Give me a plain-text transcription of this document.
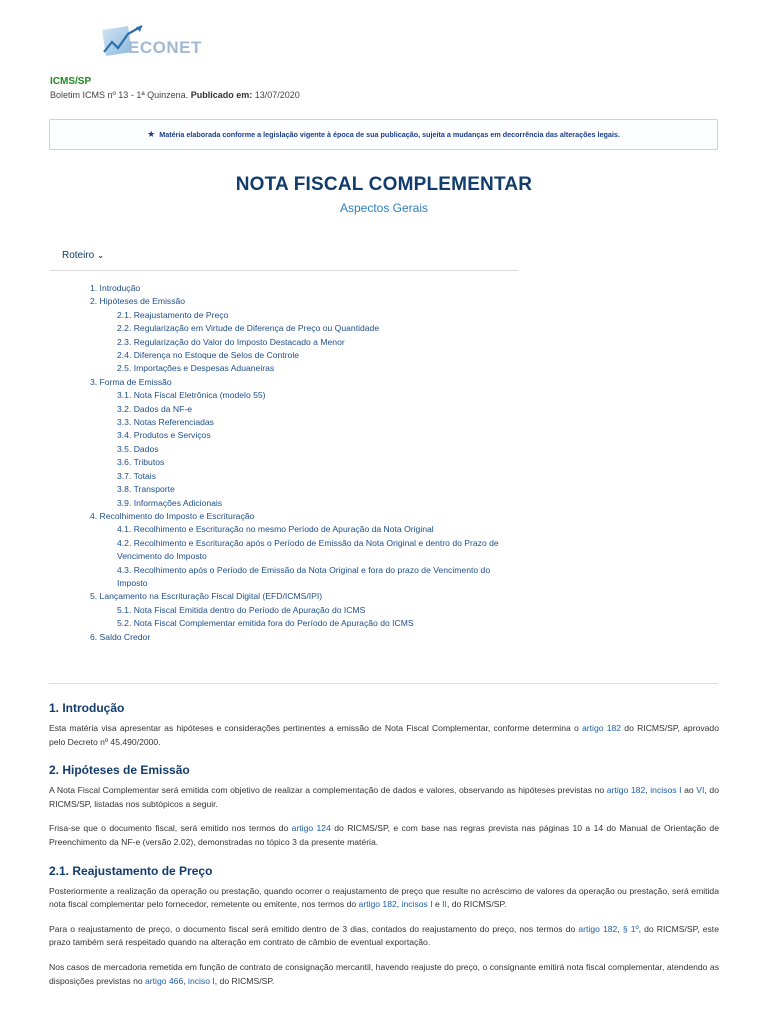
ECONET
ICMS/SP
Boletim ICMS nº 13 - 1ª Quinzena. Publicado em: 13/07/2020
★ Matéria elaborada conforme a legislação vigente à época de sua publicação, sujeita a mudanças em decorrência das alterações legais.
NOTA FISCAL COMPLEMENTAR
Aspectos Gerais
Roteiro ⌄
1. Introdução
2. Hipóteses de Emissão
2.1. Reajustamento de Preço
2.2. Regularização em Virtude de Diferença de Preço ou Quantidade
2.3. Regularização do Valor do Imposto Destacado a Menor
2.4. Diferença no Estoque de Selos de Controle
2.5. Importações e Despesas Aduaneiras
3. Forma de Emissão
3.1. Nota Fiscal Eletrônica (modelo 55)
3.2. Dados da NF-e
3.3. Notas Referenciadas
3.4. Produtos e Serviços
3.5. Dados
3.6. Tributos
3.7. Totais
3.8. Transporte
3.9. Informações Adicionais
4. Recolhimento do Imposto e Escrituração
4.1. Recolhimento e Escrituração no mesmo Período de Apuração da Nota Original
4.2. Recolhimento e Escrituração após o Período de Emissão da Nota Original e dentro do Prazo de Vencimento do Imposto
4.3. Recolhimento após o Período de Emissão da Nota Original e fora do prazo de Vencimento do Imposto
5. Lançamento na Escrituração Fiscal Digital (EFD/ICMS/IPI)
5.1. Nota Fiscal Emitida dentro do Período de Apuração do ICMS
5.2. Nota Fiscal Complementar emitida fora do Período de Apuração do ICMS
6. Saldo Credor
1. Introdução

Esta matéria visa apresentar as hipóteses e considerações pertinentes a emissão de Nota Fiscal Complementar, conforme determina o artigo 182 do RICMS/SP, aprovado pelo Decreto nº 45.490/2000.

2. Hipóteses de Emissão

A Nota Fiscal Complementar será emitida com objetivo de realizar a complementação de dados e valores, observando as hipóteses previstas no artigo 182, incisos I ao VI, do RICMS/SP, listadas nos subtópicos a seguir.

Frisa-se que o documento fiscal, será emitido nos termos do artigo 124 do RICMS/SP, e com base nas regras prevista nas páginas 10 a 14 do Manual de Orientação de Preenchimento da NF-e (versão 2.02), demonstradas no tópico 3 da presente matéria.

2.1. Reajustamento de Preço

Posteriormente a realização da operação ou prestação, quando ocorrer o reajustamento de preço que resulte no acréscimo de valores da operação ou prestação, será emitida nota fiscal complementar pelo fornecedor, remetente ou emitente, nos termos do artigo 182, incisos I e II, do RICMS/SP.

Para o reajustamento de preço, o documento fiscal será emitido dentro de 3 dias, contados do reajustamento do preço, nos termos do artigo 182, § 1º, do RICMS/SP, este prazo também será respeitado quando na alteração em contrato de câmbio de eventual exportação.

Nos casos de mercadoria remetida em função de contrato de consignação mercantil, havendo reajuste do preço, o consignante emitirá nota fiscal complementar, atendendo as disposições previstas no artigo 466, inciso I, do RICMS/SP.
